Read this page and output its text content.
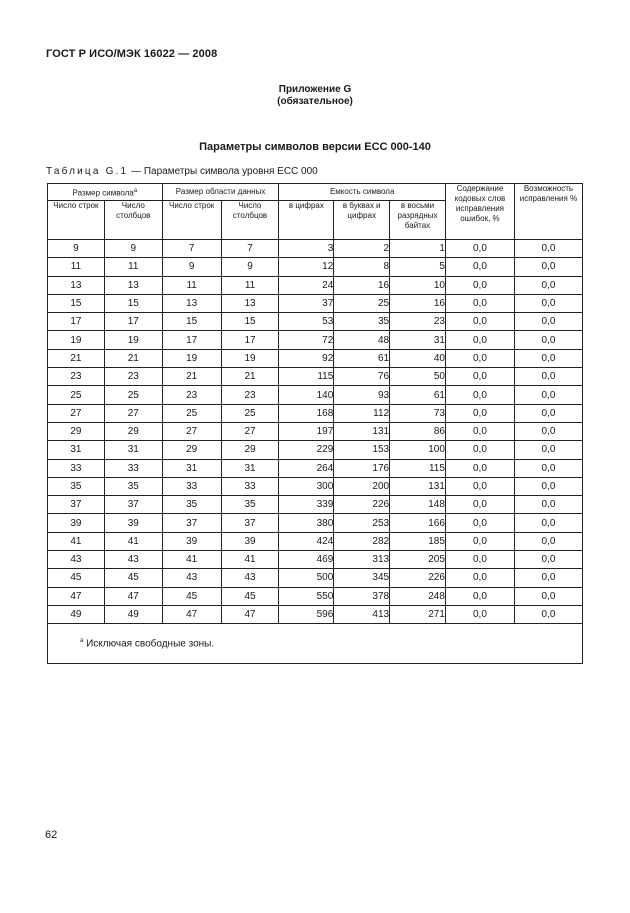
ГОСТ Р ИСО/МЭК 16022 — 2008
Приложение G
(обязательное)
Параметры символов версии ECC 000-140
Таблица G.1 — Параметры символа уровня ECC 000
Размер символа$^а$		Размер области данных		Емкость символа			Содержание кодовых слов исправления ошибок, %	Возможность исправления %
Число строк	Число столбцов	Число строк	Число столбцов	в цифрах	в буквах и цифрах	в восьми разрядных байтах		
9	9	7	7	3	2	1	0,0	0,0
11	11	9	9	12	8	5	0,0	0,0
13	13	11	11	24	16	10	0,0	0,0
15	15	13	13	37	25	16	0,0	0,0
17	17	15	15	53	35	23	0,0	0,0
19	19	17	17	72	48	31	0,0	0,0
21	21	19	19	92	61	40	0,0	0,0
23	23	21	21	115	76	50	0,0	0,0
25	25	23	23	140	93	61	0,0	0,0
27	27	25	25	168	112	73	0,0	0,0
29	29	27	27	197	131	86	0,0	0,0
31	31	29	29	229	153	100	0,0	0,0
33	33	31	31	264	176	115	0,0	0,0
35	35	33	33	300	200	131	0,0	0,0
37	37	35	35	339	226	148	0,0	0,0
39	39	37	37	380	253	166	0,0	0,0
41	41	39	39	424	282	185	0,0	0,0
43	43	41	41	469	313	205	0,0	0,0
45	45	43	43	500	345	226	0,0	0,0
47	47	45	45	550	378	248	0,0	0,0
49	49	47	47	596	413	271	0,0	0,0
$^а$ Исключая свободные зоны.								
62
